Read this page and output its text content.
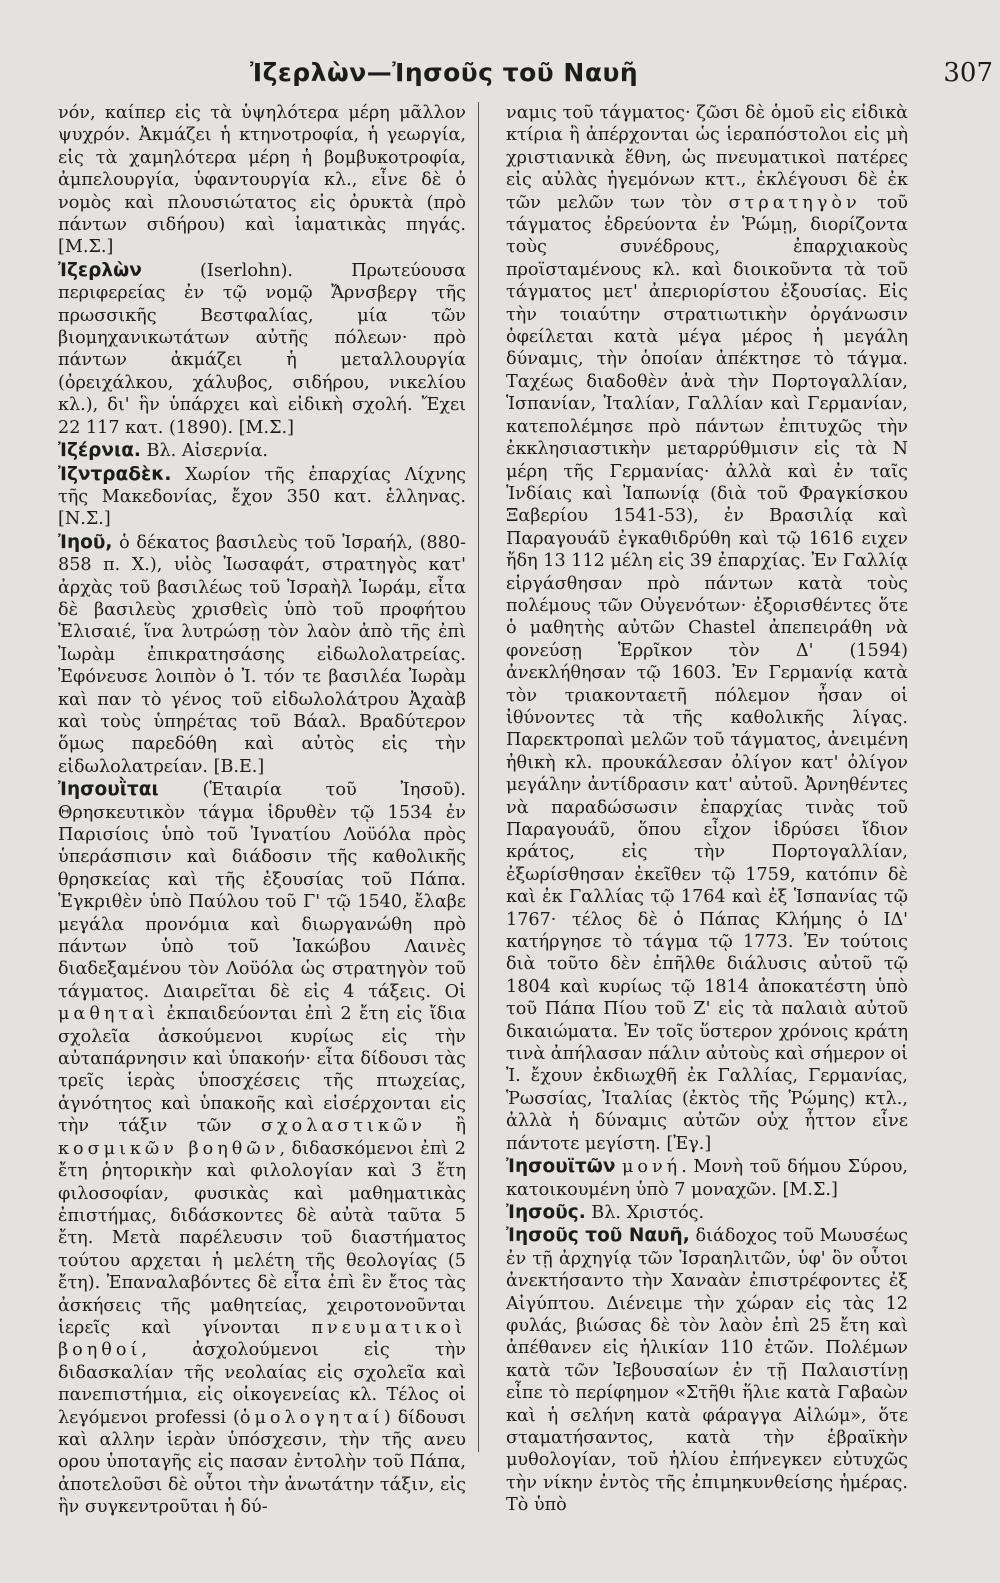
Ἰζερλὼν—Ἰησοῦς τοῦ Ναυῆ	307

νόν, καίπερ εἰς τὰ ὑψηλότερα μέρη μᾶλλον ψυχρόν. Ἀκμάζει ἡ κτηνοτροφία, ἡ γεωργία, εἰς τὰ χαμηλότερα μέρη ἡ βομβυκοτροφία, ἀμπελουργία, ὑφαντουργία κλ., εἶνε δὲ ὁ νομὸς καὶ πλουσιώτατος εἰς ὀρυκτὰ (πρὸ πάντων σιδήρου) καὶ ἰαματικὰς πηγάς. [Μ.Σ.]

Ἰζερλὼν (Iserlohn). Πρωτεύουσα περιφερείας ἐν τῷ νομῷ Ἄρνσβεργ τῆς πρωσσικῆς Βεστφαλίας, μία τῶν βιομηχανικωτάτων αὐτῆς πόλεων· πρὸ πάντων ἀκμάζει ἡ μεταλλουργία (ὀρειχάλκου, χάλυβος, σιδήρου, νικελίου κλ.), δι' ἣν ὑπάρχει καὶ εἰδικὴ σχολή. Ἔχει 22 117 κατ. (1890). [Μ.Σ.]

Ἰζέρνια. Βλ. Αἰσερνία.

Ἰζντραδὲκ. Χωρίον τῆς ἐπαρχίας Λίχνης τῆς Μακεδονίας, ἔχον 350 κατ. ἑλληνας. [Ν.Σ.]

Ἰηοῦ, ὁ δέκατος βασιλεὺς τοῦ Ἰσραήλ, (880-858 π. Χ.), υἱὸς Ἰωσαφάτ, στρατηγὸς κατ' ἀρχὰς τοῦ βασιλέως τοῦ Ἰσραὴλ Ἰωράμ, εἶτα δὲ βασιλεὺς χρισθεὶς ὑπὸ τοῦ προφήτου Ἐλισαιέ, ἵνα λυτρώσῃ τὸν λαὸν ἀπὸ τῆς ἐπὶ Ἰωρὰμ ἐπικρατησάσης εἰδωλολατρείας. Ἐφόνευσε λοιπὸν ὁ Ἰ. τόν τε βασιλέα Ἰωρὰμ καὶ παν τὸ γένος τοῦ εἰδωλολάτρου Ἀχαὰβ καὶ τοὺς ὑπηρέτας τοῦ Βάαλ. Βραδύτερον ὅμως παρεδόθη καὶ αὐτὸς εἰς τὴν εἰδωλολατρείαν. [Β.Ε.]

Ἰησουῒται (Ἑταιρία τοῦ Ἰησοῦ). Θρησκευτικὸν τάγμα ἱδρυθὲν τῷ 1534 ἐν Παρισίοις ὑπὸ τοῦ Ἰγνατίου Λοϋόλα πρὸς ὑπεράσπισιν καὶ διάδοσιν τῆς καθολικῆς θρησκείας καὶ τῆς ἐξουσίας τοῦ Πάπα. Ἐγκριθὲν ὑπὸ Παύλου τοῦ Γ' τῷ 1540, ἔλαβε μεγάλα προνόμια καὶ διωργανώθη πρὸ πάντων ὑπὸ τοῦ Ἰακώβου Λαινὲς διαδεξαμένου τὸν Λοϋόλα ὡς στρατηγὸν τοῦ τάγματος. Διαιρεῖται δὲ εἰς 4 τάξεις. Οἱ μαθηταὶ ἐκπαιδεύονται ἐπὶ 2 ἔτη εἰς ἴδια σχολεῖα ἀσκούμενοι κυρίως εἰς τὴν αὐταπάρνησιν καὶ ὑπακοήν· εἶτα δίδουσι τὰς τρεῖς ἱερὰς ὑποσχέσεις τῆς πτωχείας, ἁγνότητος καὶ ὑπακοῆς καὶ εἰσέρχονται εἰς τὴν τάξιν τῶν σχολαστικῶν ἢ κοσμικῶν βοηθῶν, διδασκόμενοι ἐπὶ 2 ἔτη ῥητορικὴν καὶ φιλολογίαν καὶ 3 ἔτη φιλοσοφίαν, φυσικὰς καὶ μαθηματικὰς ἐπιστήμας, διδάσκοντες δὲ αὐτὰ ταῦτα 5 ἔτη. Μετὰ παρέλευσιν τοῦ διαστήματος τούτου αρχεται ἡ μελέτη τῆς θεολογίας (5 ἔτη). Ἐπαναλαβόντες δὲ εἶτα ἐπὶ ἓν ἔτος τὰς ἀσκήσεις τῆς μαθητείας, χειροτονοῦνται ἱερεῖς καὶ γίνονται πνευματικοὶ βοηθοί, ἀσχολούμενοι εἰς τὴν διδασκαλίαν τῆς νεολαίας εἰς σχολεῖα καὶ πανεπιστήμια, εἰς οἰκογενείας κλ. Τέλος οἱ λεγόμενοι professi (ὁμολογηταί) δίδουσι καὶ αλλην ἱερὰν ὑπόσχεσιν, τὴν τῆς ανευ ορου ὑποταγῆς εἰς πασαν ἐντολὴν τοῦ Πάπα, ἀποτελοῦσι δὲ οὗτοι τὴν ἀνωτάτην τάξιν, εἰς ἣν συγκεντροῦται ἡ δύ-

ναμις τοῦ τάγματος· ζῶσι δὲ ὁμοῦ εἰς εἰδικὰ κτίρια ἢ ἀπέρχονται ὡς ἱεραπόστολοι εἰς μὴ χριστιανικὰ ἔθνη, ὡς πνευματικοὶ πατέρες εἰς αὐλὰς ἡγεμόνων κττ., ἐκλέγουσι δὲ ἐκ τῶν μελῶν των τὸν στρατηγὸν τοῦ τάγματος ἑδρεύοντα ἐν Ῥώμῃ, διορίζοντα τοὺς συνέδρους, ἐπαρχιακοὺς προϊσταμένους κλ. καὶ διοικοῦντα τὰ τοῦ τάγματος μετ' ἀπεριορίστου ἐξουσίας. Εἰς τὴν τοιαύτην στρατιωτικὴν ὀργάνωσιν ὀφείλεται κατὰ μέγα μέρος ἡ μεγάλη δύναμις, τὴν ὁποίαν ἀπέκτησε τὸ τάγμα. Ταχέως διαδοθὲν ἀνὰ τὴν Πορτογαλλίαν, Ἱσπανίαν, Ἰταλίαν, Γαλλίαν καὶ Γερμανίαν, κατεπολέμησε πρὸ πάντων ἐπιτυχῶς τὴν ἐκκλησιαστικὴν μεταρρύθμισιν εἰς τὰ Ν μέρη τῆς Γερμανίας· ἀλλὰ καὶ ἐν ταῖς Ἰνδίαις καὶ Ἰαπωνίᾳ (διὰ τοῦ Φραγκίσκου Ξαβερίου 1541-53), ἐν Βρασιλίᾳ καὶ Παραγουάῦ ἐγκαθιδρύθη καὶ τῷ 1616 ειχεν ἤδη 13 112 μέλη εἰς 39 ἐπαρχίας. Ἐν Γαλλίᾳ εἰργάσθησαν πρὸ πάντων κατὰ τοὺς πολέμους τῶν Οὐγενότων· ἐξορισθέντες ὅτε ὁ μαθητὴς αὐτῶν Chastel ἀπεπειράθη νὰ φονεύσῃ Ἑρρῖκον τὸν Δ' (1594) ἀνεκλήθησαν τῷ 1603. Ἐν Γερμανίᾳ κατὰ τὸν τριακονταετῆ πόλεμον ἦσαν οἱ ἰθύνοντες τὰ τῆς καθολικῆς λίγας. Παρεκτροπαὶ μελῶν τοῦ τάγματος, ἀνειμένη ἠθικὴ κλ. προυκάλεσαν ὀλίγον κατ' ὀλίγον μεγάλην ἀντίδρασιν κατ' αὐτοῦ. Ἀρνηθέντες νὰ παραδώσωσιν ἐπαρχίας τινὰς τοῦ Παραγουάῦ, ὅπου εἶχον ἱδρύσει ἴδιον κράτος, εἰς τὴν Πορτογαλλίαν, ἐξωρίσθησαν ἐκεῖθεν τῷ 1759, κατόπιν δὲ καὶ ἐκ Γαλλίας τῷ 1764 καὶ ἐξ Ἱσπανίας τῷ 1767· τέλος δὲ ὁ Πάπας Κλήμης ὁ ΙΔ' κατήργησε τὸ τάγμα τῷ 1773. Ἐν τούτοις διὰ τοῦτο δὲν ἐπῆλθε διάλυσις αὐτοῦ τῷ 1804 καὶ κυρίως τῷ 1814 ἀποκατέστη ὑπὸ τοῦ Πάπα Πίου τοῦ Ζ' εἰς τὰ παλαιὰ αὐτοῦ δικαιώματα. Ἐν τοῖς ὕστερον χρόνοις κράτη τινὰ ἀπήλασαν πάλιν αὐτοὺς καὶ σήμερον οἱ Ἰ. ἔχουν ἐκδιωχθῆ ἐκ Γαλλίας, Γερμανίας, Ῥωσσίας, Ἰταλίας (ἐκτὸς τῆς Ῥώμης) κτλ., ἀλλὰ ἡ δύναμις αὐτῶν οὐχ ἧττον εἶνε πάντοτε μεγίστη. [Ἐγ.]

Ἰησουϊτῶν μονή. Μονὴ τοῦ δήμου Σύρου, κατοικουμένη ὑπὸ 7 μοναχῶν. [Μ.Σ.]

Ἰησοῦς. Βλ. Χριστός.

Ἰησοῦς τοῦ Ναυῆ, διάδοχος τοῦ Μωυσέως ἐν τῇ ἀρχηγίᾳ τῶν Ἰσραηλιτῶν, ὑφ' ὃν οὗτοι ἀνεκτήσαντο τὴν Χαναὰν ἐπιστρέφοντες ἐξ Αἰγύπτου. Διένειμε τὴν χώραν εἰς τὰς 12 φυλάς, βιώσας δὲ τὸν λαὸν ἐπὶ 25 ἔτη καὶ ἀπέθανεν εἰς ἡλικίαν 110 ἐτῶν. Πολέμων κατὰ τῶν Ἰεβουσαίων ἐν τῇ Παλαιστίνῃ εἶπε τὸ περίφημον «Στῆθι ἥλιε κατὰ Γαβαὼν καὶ ἡ σελήνη κατὰ φάραγγα Αἰλώμ», ὅτε σταματήσαντος, κατὰ τὴν ἑβραϊκὴν μυθολογίαν, τοῦ ἡλίου ἐπήνεγκεν εὐτυχῶς τὴν νίκην ἐντὸς τῆς ἐπιμηκυνθείσης ἡμέρας. Τὸ ὑπὸ
